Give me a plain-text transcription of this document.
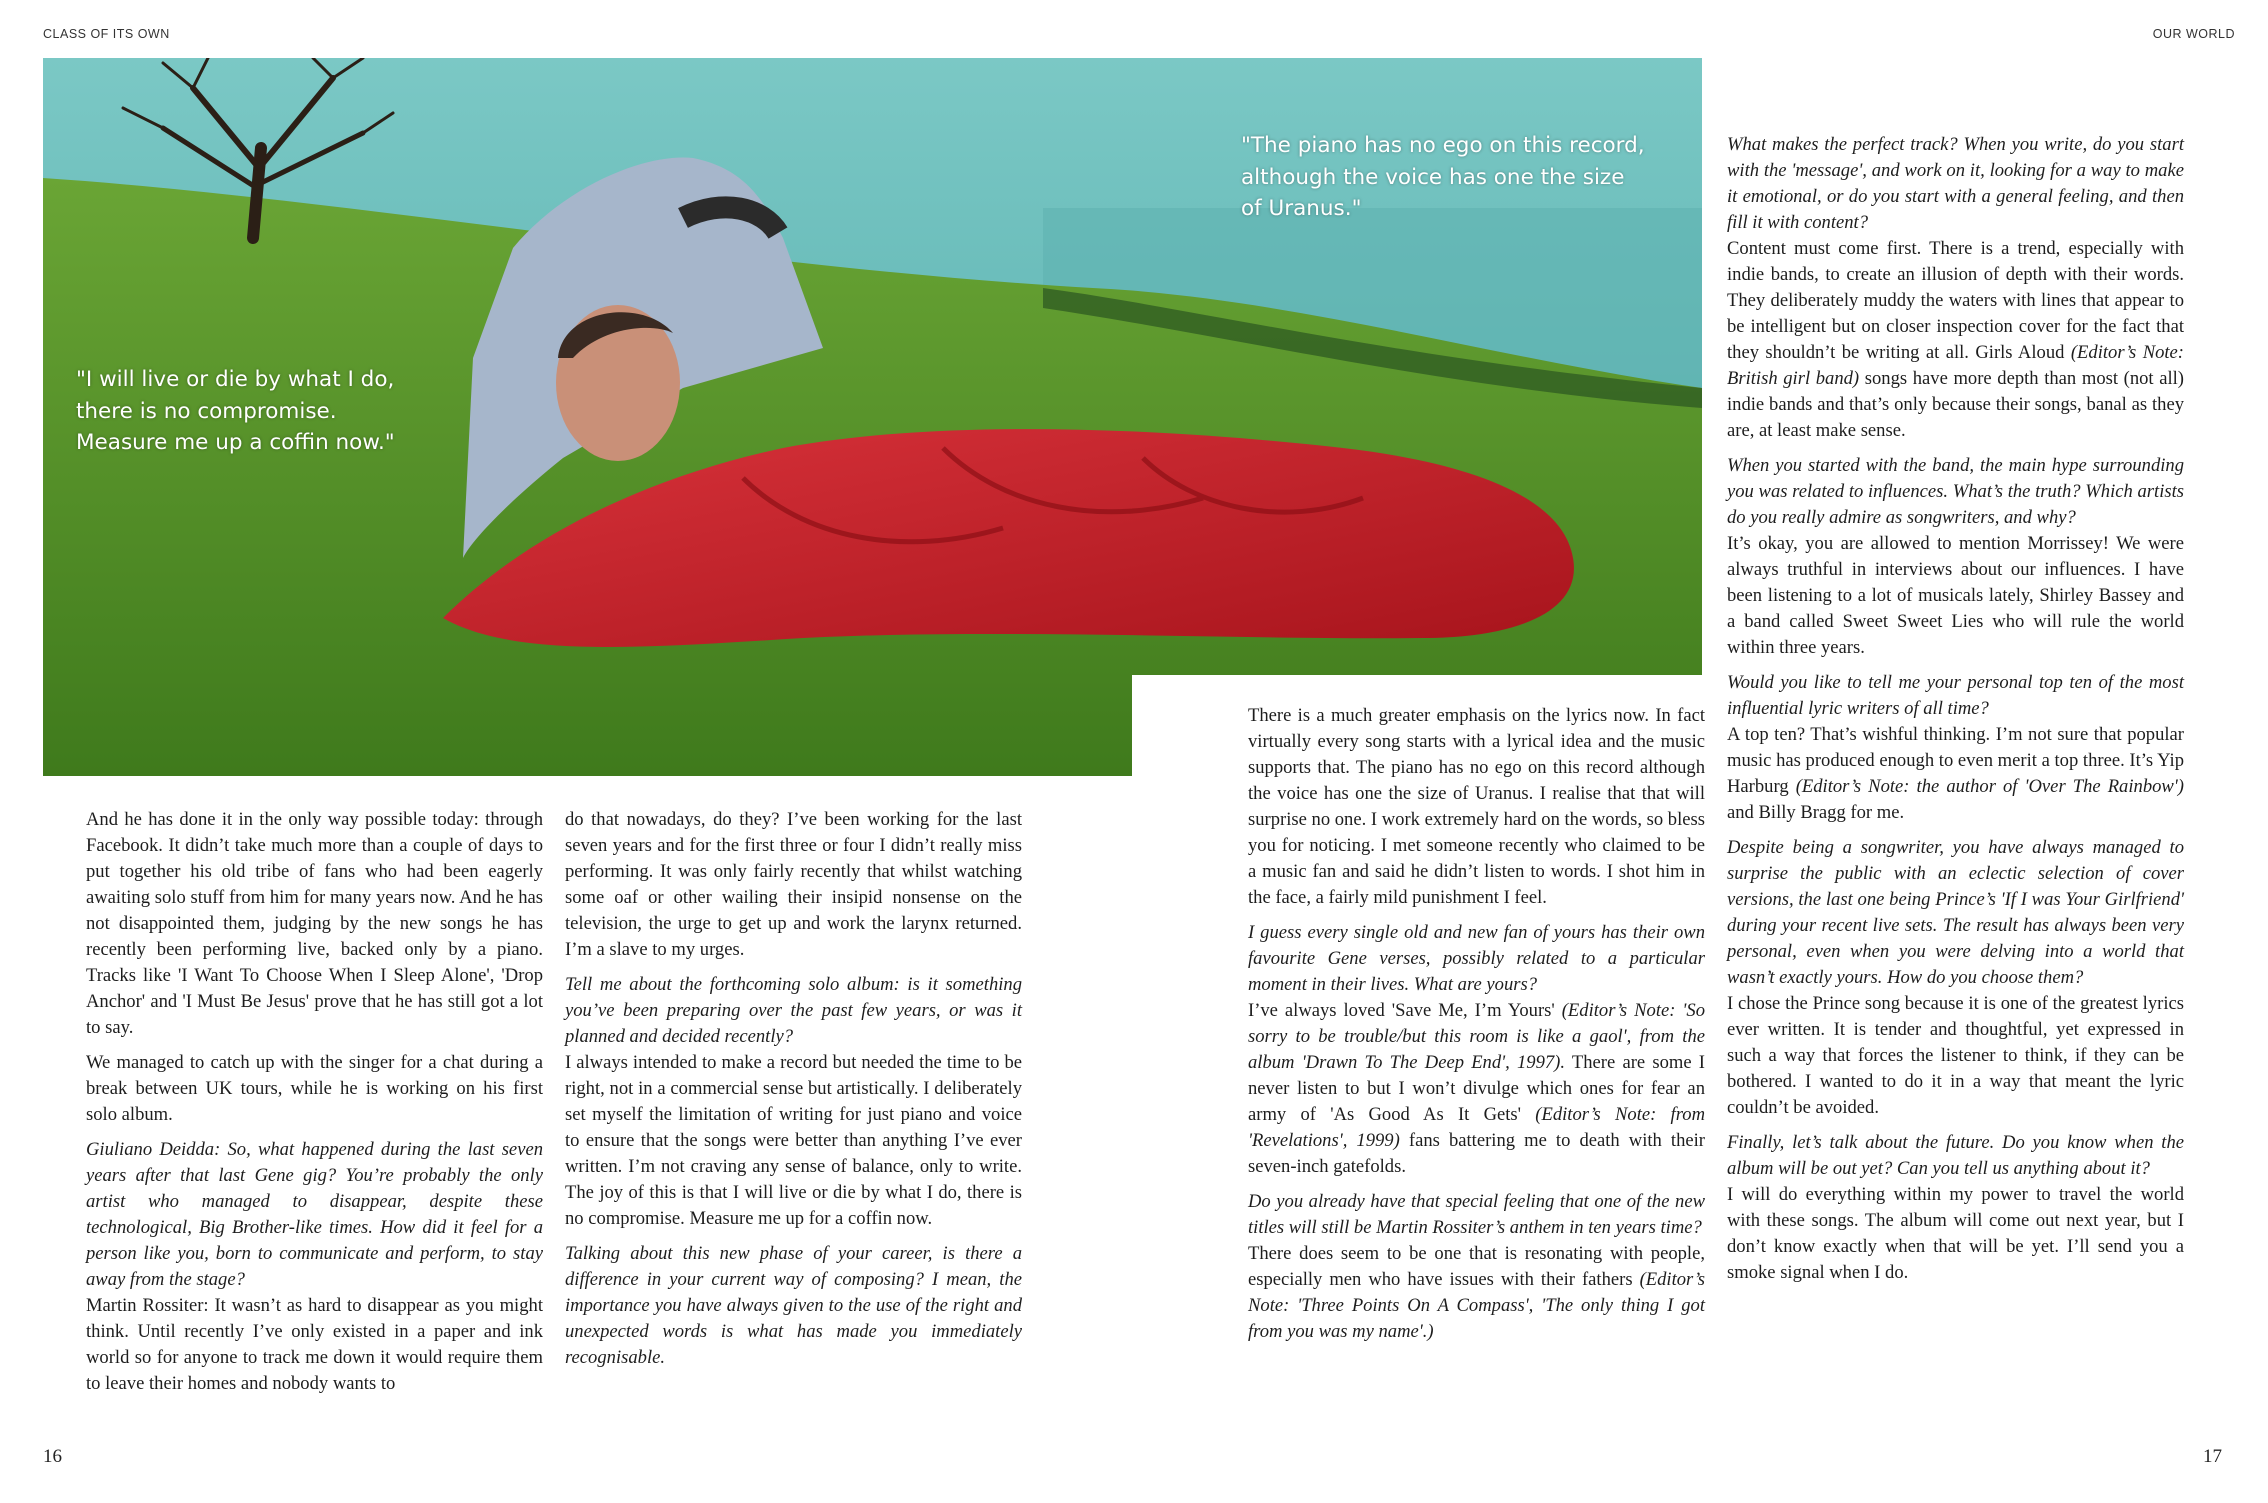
CLASS OF ITS OWN	OUR WORLD
"I will live or die by what I do,
there is no compromise.
Measure me up a coffin now."
"The piano has no ego on this record,
although the voice has one the size
of Uranus."

And he has done it in the only way possible today: through Facebook. It didn’t take much more than a couple of days to put together his old tribe of fans who had been eagerly awaiting solo stuff from him for many years now. And he has not disappointed them, judging by the new songs he has recently been performing live, backed only by a piano. Tracks like 'I Want To Choose When I Sleep Alone', 'Drop Anchor' and 'I Must Be Jesus' prove that he has still got a lot to say.

We managed to catch up with the singer for a chat during a break between UK tours, while he is working on his first solo album.

Giuliano Deidda: So, what happened during the last seven years after that last Gene gig? You’re probably the only artist who managed to disappear, despite these technological, Big Brother-like times. How did it feel for a person like you, born to communicate and perform, to stay away from the stage?

Martin Rossiter: It wasn’t as hard to disappear as you might think. Until recently I’ve only existed in a paper and ink world so for anyone to track me down it would require them to leave their homes and nobody wants to

do that nowadays, do they? I’ve been working for the last seven years and for the first three or four I didn’t really miss performing. It was only fairly recently that whilst watching some oaf or other wailing their insipid nonsense on the television, the urge to get up and work the larynx returned. I’m a slave to my urges.

Tell me about the forthcoming solo album: is it something you’ve been preparing over the past few years, or was it planned and decided recently?

I always intended to make a record but needed the time to be right, not in a commercial sense but artistically. I deliberately set myself the limitation of writing for just piano and voice to ensure that the songs were better than anything I’ve ever written. I’m not craving any sense of balance, only to write. The joy of this is that I will live or die by what I do, there is no compromise. Measure me up for a coffin now.

Talking about this new phase of your career, is there a difference in your current way of composing? I mean, the importance you have always given to the use of the right and unexpected words is what has made you immediately recognisable.

There is a much greater emphasis on the lyrics now. In fact virtually every song starts with a lyrical idea and the music supports that. The piano has no ego on this record although the voice has one the size of Uranus. I realise that that will surprise no one. I work extremely hard on the words, so bless you for noticing. I met someone recently who claimed to be a music fan and said he didn’t listen to words. I shot him in the face, a fairly mild punishment I feel.

I guess every single old and new fan of yours has their own favourite Gene verses, possibly related to a particular moment in their lives. What are yours?

I’ve always loved 'Save Me, I’m Yours' (Editor’s Note: 'So sorry to be trouble/but this room is like a gaol', from the album 'Drawn To The Deep End', 1997). There are some I never listen to but I won’t divulge which ones for fear an army of 'As Good As It Gets' (Editor’s Note: from 'Revelations', 1999) fans battering me to death with their seven-inch gatefolds.

Do you already have that special feeling that one of the new titles will still be Martin Rossiter’s anthem in ten years time?

There does seem to be one that is resonating with people, especially men who have issues with their fathers (Editor’s Note: 'Three Points On A Compass', 'The only thing I got from you was my name'.)

What makes the perfect track? When you write, do you start with the 'message', and work on it, looking for a way to make it emotional, or do you start with a general feeling, and then fill it with content?

Content must come first. There is a trend, especially with indie bands, to create an illusion of depth with their words. They deliberately muddy the waters with lines that appear to be intelligent but on closer inspection cover for the fact that they shouldn’t be writing at all. Girls Aloud (Editor’s Note: British girl band) songs have more depth than most (not all) indie bands and that’s only because their songs, banal as they are, at least make sense.

When you started with the band, the main hype surrounding you was related to influences. What’s the truth? Which artists do you really admire as songwriters, and why?

It’s okay, you are allowed to mention Morrissey! We were always truthful in interviews about our influences. I have been listening to a lot of musicals lately, Shirley Bassey and a band called Sweet Sweet Lies who will rule the world within three years.

Would you like to tell me your personal top ten of the most influential lyric writers of all time?

A top ten? That’s wishful thinking. I’m not sure that popular music has produced enough to even merit a top three. It’s Yip Harburg (Editor’s Note: the author of 'Over The Rainbow') and Billy Bragg for me.

Despite being a songwriter, you have always managed to surprise the public with an eclectic selection of cover versions, the last one being Prince’s 'If I was Your Girlfriend' during your recent live sets. The result has always been very personal, even when you were delving into a world that wasn’t exactly yours. How do you choose them?

I chose the Prince song because it is one of the greatest lyrics ever written. It is tender and thoughtful, yet expressed in such a way that forces the listener to think, if they can be bothered. I wanted to do it in a way that meant the lyric couldn’t be avoided.

Finally, let’s talk about the future. Do you know when the album will be out yet? Can you tell us anything about it?

I will do everything within my power to travel the world with these songs. The album will come out next year, but I don’t know exactly when that will be yet. I’ll send you a smoke signal when I do.

16	17
